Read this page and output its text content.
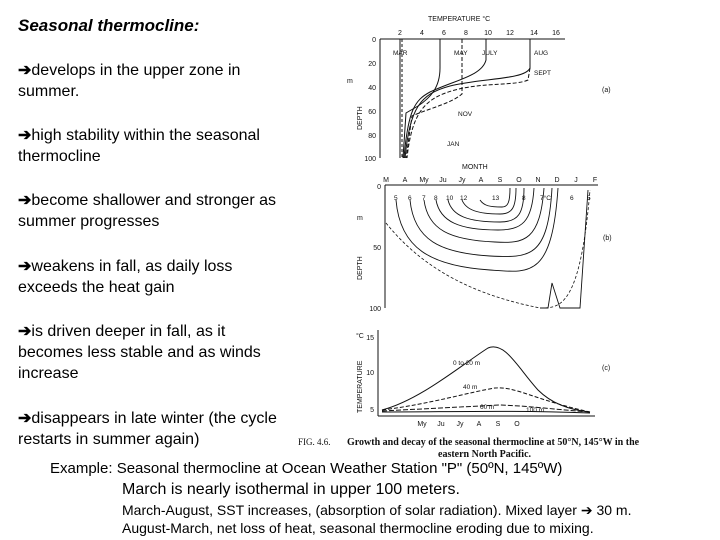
Seasonal thermocline:
➔develops in the upper zone in summer.
➔high stability within the seasonal thermocline
➔become shallower and stronger as summer progresses
➔weakens in fall, as daily loss exceeds the heat gain
➔is driven deeper in fall, as it becomes less stable and as winds increase
➔disappears in late winter (the cycle restarts in summer again)
TEMPERATURE °C
2	4	6	8 10 12 14 16
0
20
40
60
80
100
m
DEPTH
MAR	MAY JULY	AUG
SEPT
NOV
JAN
(a)
MONTH
M A My Ju Jy A S O N D J F
0
50
100
m
DEPTH
5 6 7 8 10 12	13	8 7°C	6 5
(b)
°C
TEMPERATURE
15
10
5
0 to 20 m
40 m
60 m	100 m
(c)
My Ju Jy A S O
FIG. 4.6. Growth and decay of the seasonal thermocline at 50°N, 145°W in the
eastern North Pacific.
Example: Seasonal thermocline at Ocean Weather Station "P" (50ºN, 145ºW)
March is nearly isothermal in upper 100 meters.
March-August, SST increases, (absorption of solar radiation). Mixed layer ➔ 30 m.
August-March, net loss of heat, seasonal thermocline eroding due to mixing.
